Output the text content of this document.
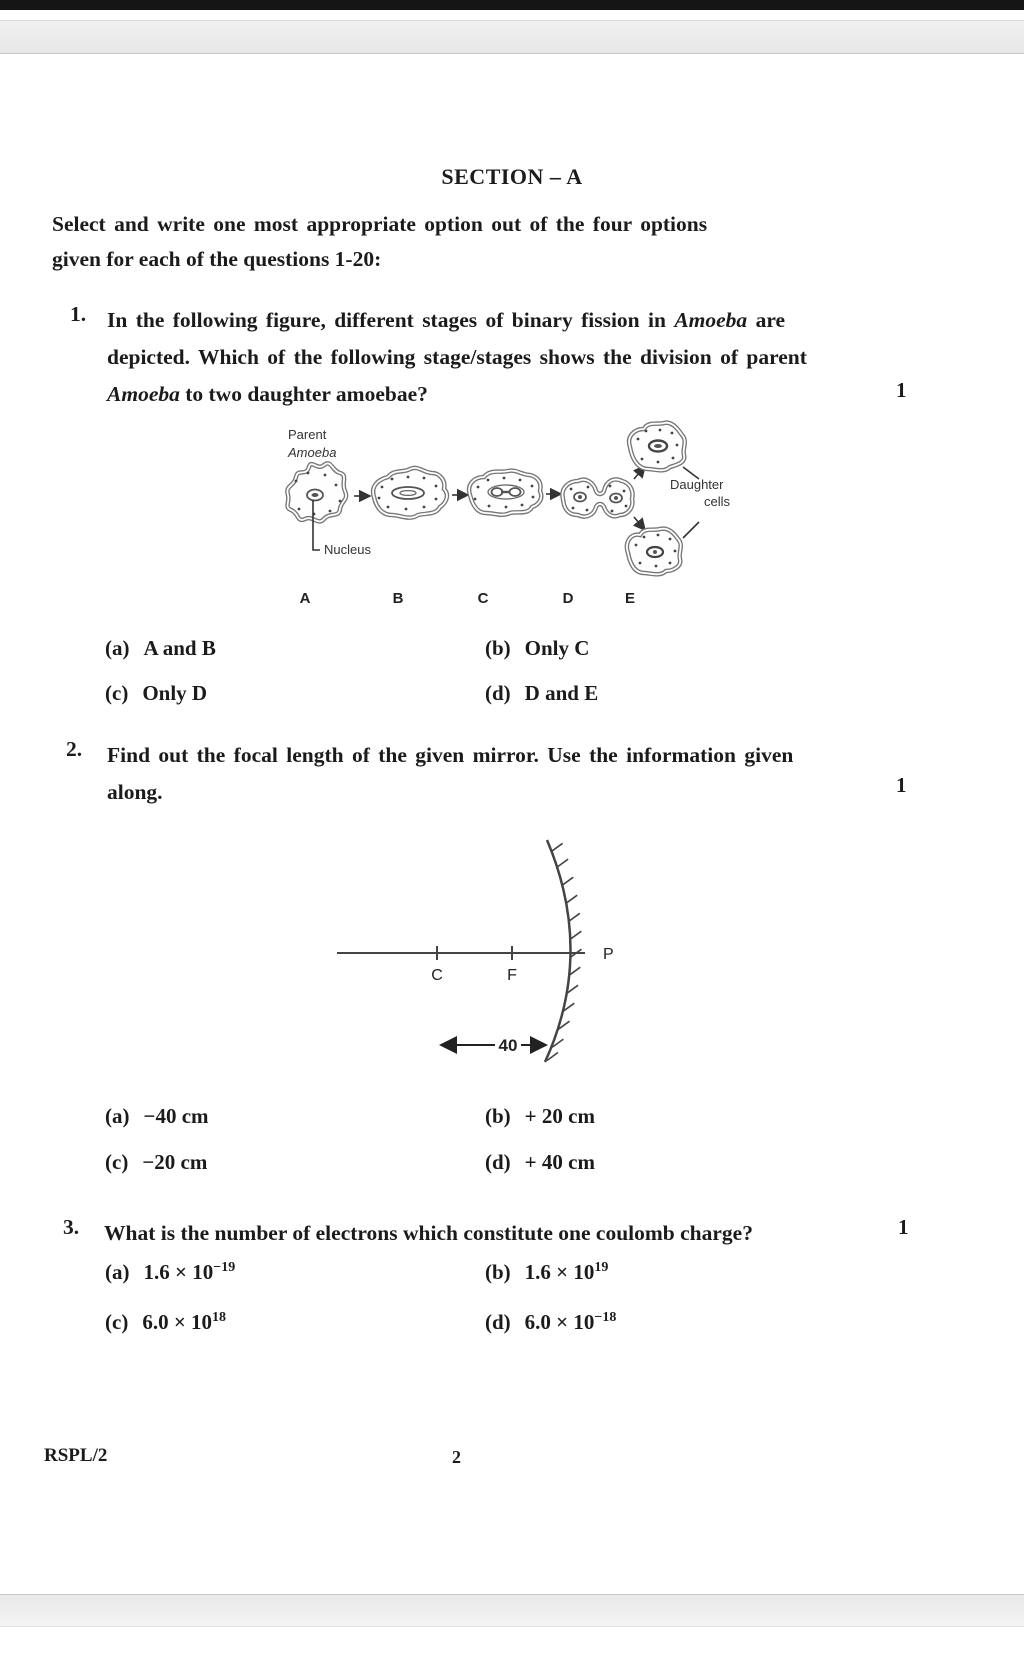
SECTION – A
Select and write one most appropriate option out of the four options
given for each of the questions 1-20:
1. In the following figure, different stages of binary fission in Amoeba are
depicted. Which of the following stage/stages shows the division of parent
Amoeba to two daughter amoebae?	1
Parent
Amoeba
Daughter
cells
Nucleus
A	B	C	D	E
(a) A and B	(b) Only C
(c) Only D	(d) D and E
2. Find out the focal length of the given mirror. Use the information given
along.	1
C	F
P
40
(a) −40 cm	(b) + 20 cm
(c) −20 cm	(d) + 40 cm
3. What is the number of electrons which constitute one coulomb charge?	1
(a) $1.6 \times 10^{-19}$	(b) $1.6 \times 10^{19}$
(c) $6.0 \times 10^{18}$	(d) $6.0 \times 10^{-18}$
RSPL/2	2
